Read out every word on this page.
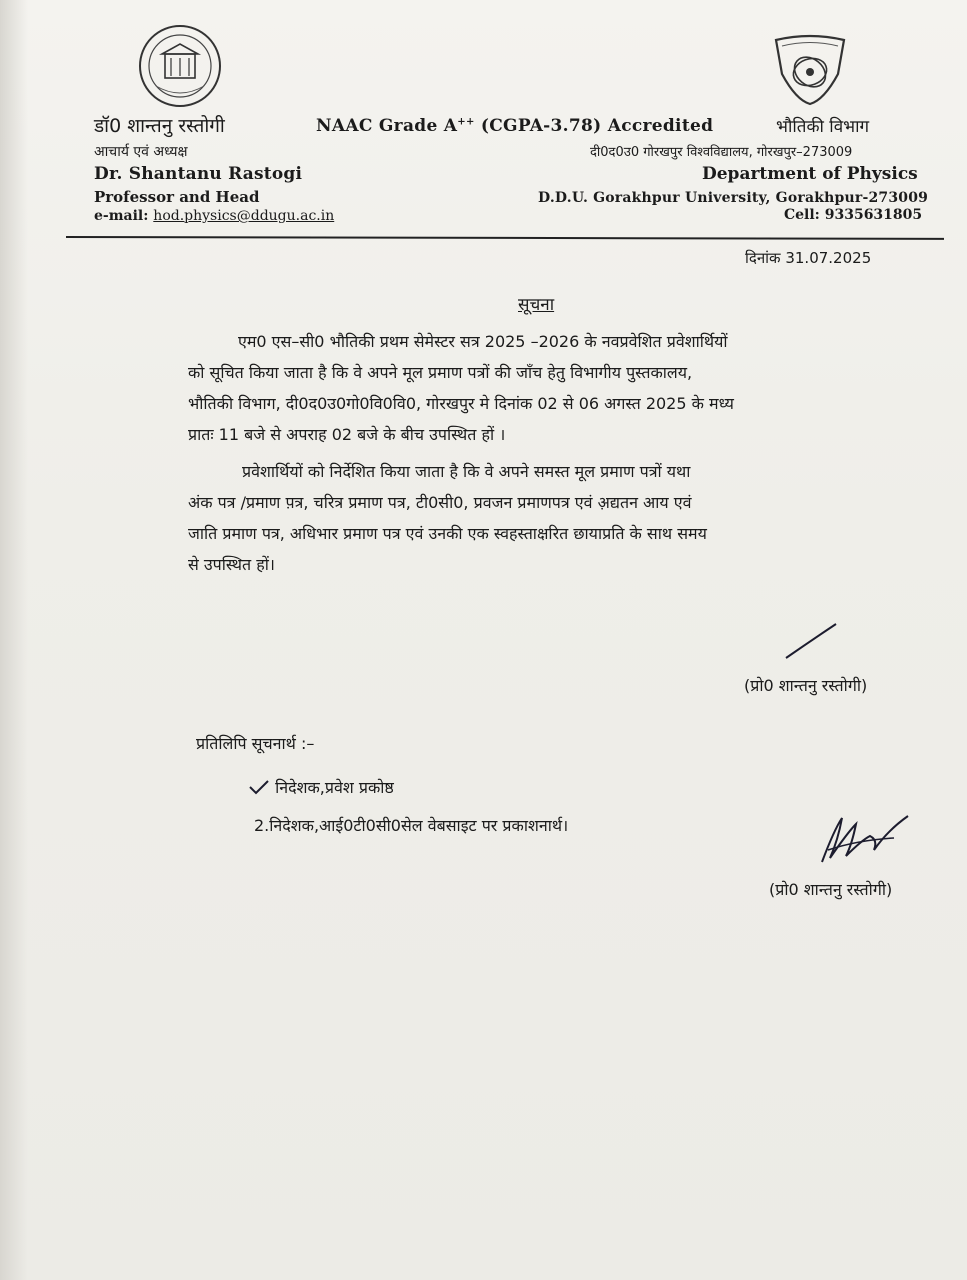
डॉ0 शान्तनु रस्तोगी
आचार्य एवं अध्यक्ष
Dr. Shantanu Rastogi
Professor and Head
e-mail: hod.physics@ddugu.ac.in
NAAC Grade A++ (CGPA-3.78) Accredited	भौतिकी विभाग
दी0द0उ0 गोरखपुर विश्वविद्यालय, गोरखपुर–273009
Department of Physics
D.D.U. Gorakhpur University, Gorakhpur-273009
Cell: 9335631805
दिनांक 31.07.2025
सूचना
एम0 एस–सी0 भौतिकी प्रथम सेमेस्टर सत्र 2025 –2026 के नवप्रवेशित प्रवेशार्थियों
को सूचित किया जाता है कि वे अपने मूल प्रमाण पत्रों की जाँच हेतु विभागीय पुस्तकालय,
भौतिकी विभाग, दी0द0उ0गो0वि0वि0, गोरखपुर मे दिनांक 02 से 06 अगस्त 2025 के मध्य
प्रातः 11 बजे से अपराह 02 बजे के बीच उपस्थित हों ।
प्रवेशार्थियों को निर्देशित किया जाता है कि वे अपने समस्त मूल प्रमाण पत्रों यथा
अंक पत्र /प्रमाण प़त्र, चरित्र प्रमाण पत्र, टी0सी0, प्रवजन प्रमाणपत्र एवं अ़द्यतन आय एवं
जाति प्रमाण पत्र, अधिभार प्रमाण पत्र एवं उनकी एक स्वहस्ताक्षरित छायाप्रति के साथ समय
से उपस्थित हों।
(प्रो0 शान्तनु रस्तोगी)
प्रतिलिपि सूचनार्थ :–
निदेशक,प्रवेश प्रकोष्ठ
2.निदेशक,आई0टी0सी0सेल वेबसाइट पर प्रकाशनार्थ।
(प्रो0 शान्तनु रस्तोगी)
